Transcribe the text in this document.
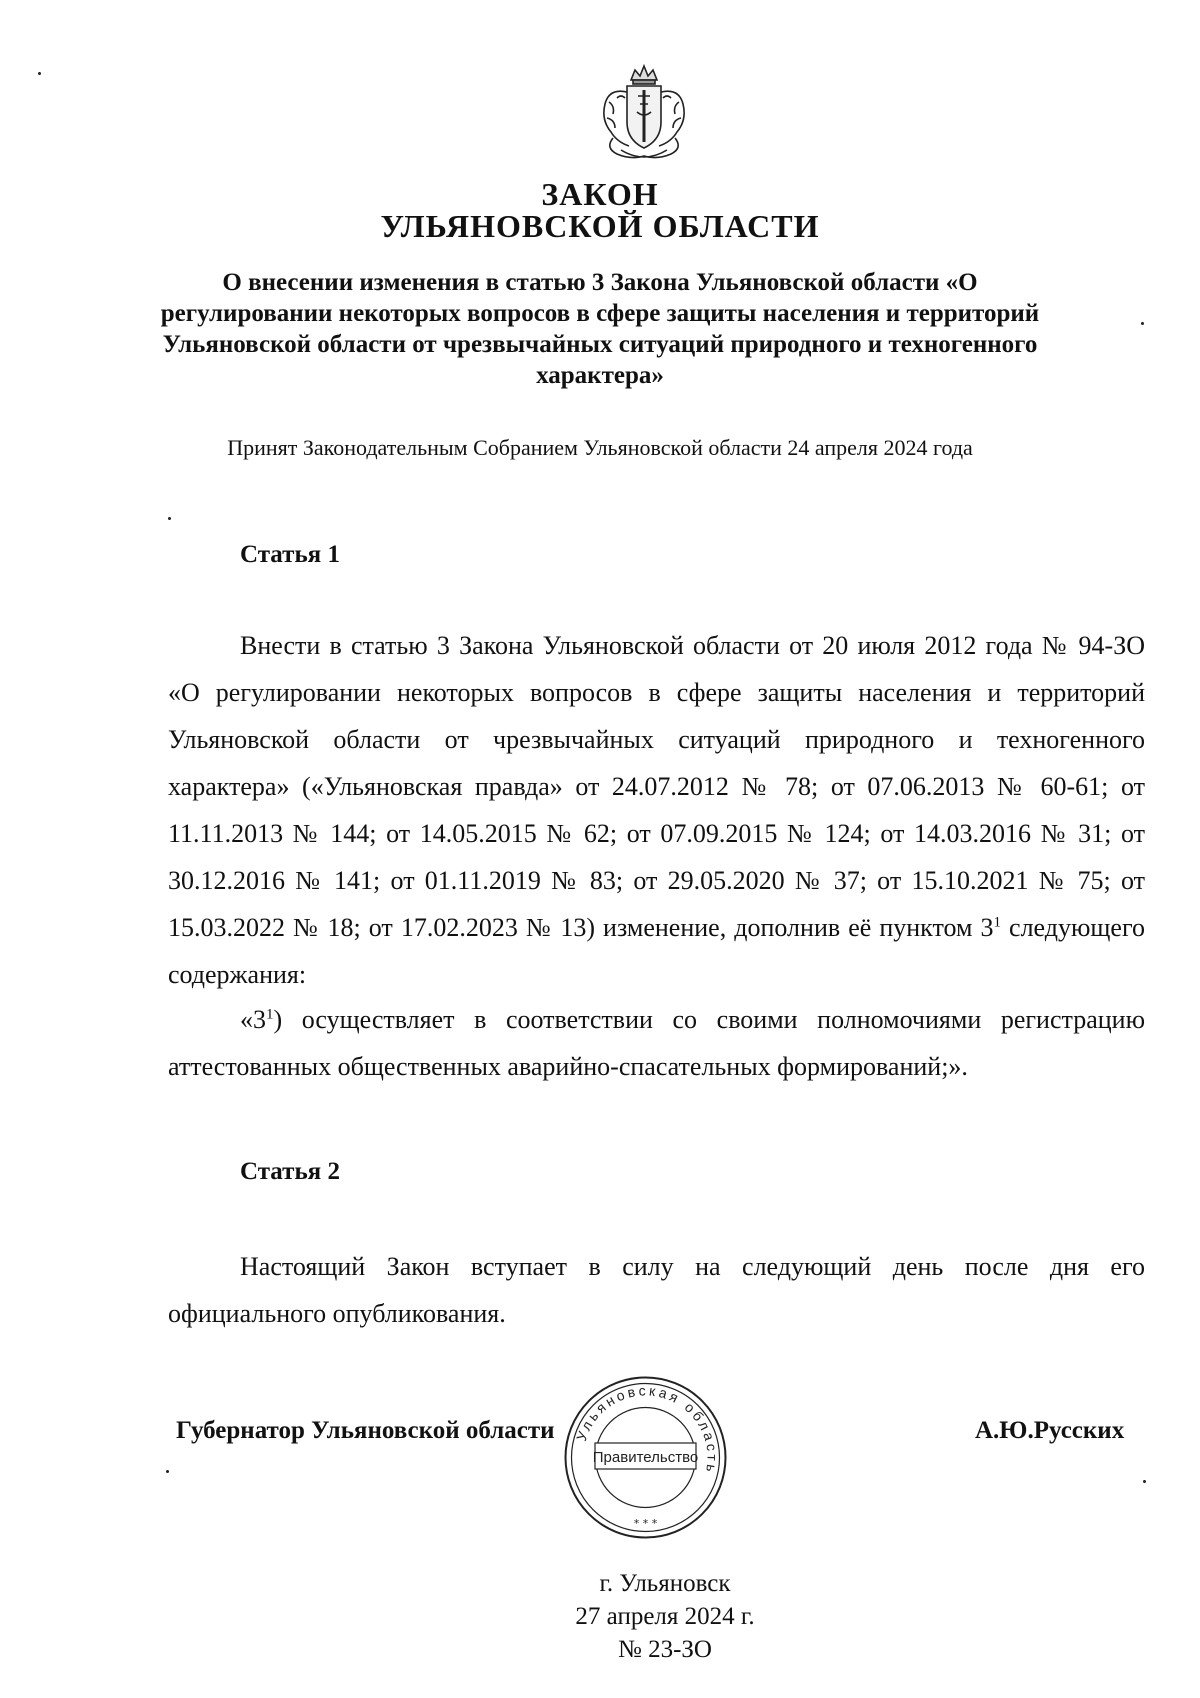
ЗАКОН
УЛЬЯНОВСКОЙ ОБЛАСТИ
О внесении изменения в статью 3 Закона Ульяновской области «О регулировании некоторых вопросов в сфере защиты населения и территорий Ульяновской области от чрезвычайных ситуаций природного и техногенного характера»
Принят Законодательным Собранием Ульяновской области 24 апреля 2024 года
Статья 1
Внести в статью 3 Закона Ульяновской области от 20 июля 2012 года № 94-ЗО «О регулировании некоторых вопросов в сфере защиты населения и территорий Ульяновской области от чрезвычайных ситуаций природного и техногенного характера» («Ульяновская правда» от 24.07.2012 № 78; от 07.06.2013 № 60-61; от 11.11.2013 № 144; от 14.05.2015 № 62; от 07.09.2015 № 124; от 14.03.2016 № 31; от 30.12.2016 № 141; от 01.11.2019 № 83; от 29.05.2020 № 37; от 15.10.2021 № 75; от 15.03.2022 № 18; от 17.02.2023 № 13) изменение, дополнив её пунктом $3^1$ следующего содержания:
«$3^1$) осуществляет в соответствии со своими полномочиями регистрацию аттестованных общественных аварийно-спасательных формирований;».
Статья 2
Настоящий Закон вступает в силу на следующий день после дня его официального опубликования.
Губернатор Ульяновской области	А.Ю.Русских
Ульяновская область
Правительство
* * *
г. Ульяновск
27 апреля 2024 г.
№ 23-ЗО
